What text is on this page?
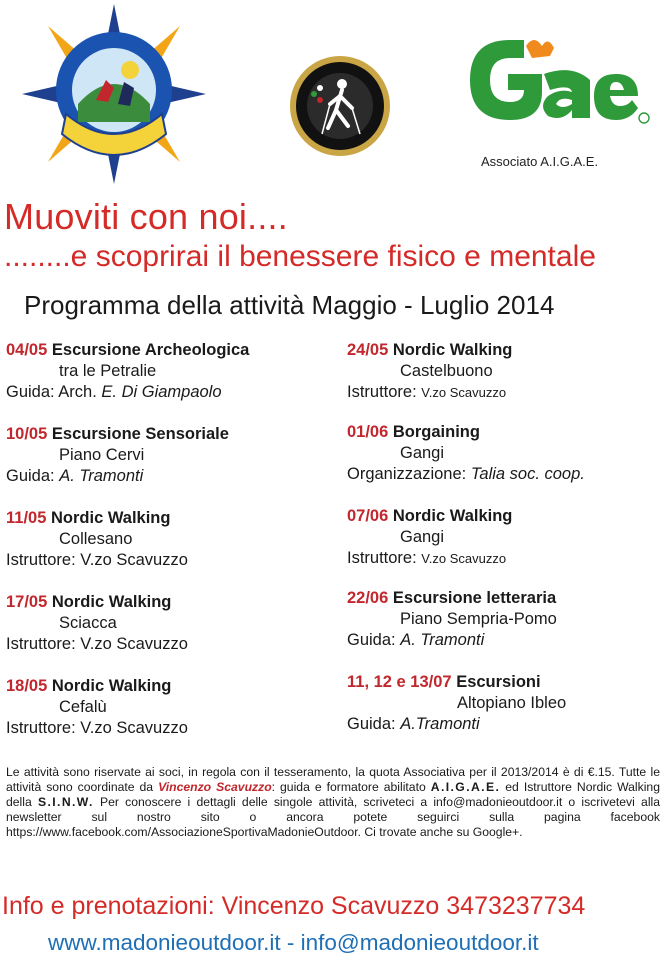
Associato A.I.G.A.E.
Muoviti con noi....
........e scoprirai il benessere fisico e mentale
Programma della attività Maggio - Luglio 2014
04/05 Escursione Archeologica
tra le Petralie
Guida: Arch. E. Di Giampaolo
10/05 Escursione Sensoriale
Piano Cervi
Guida: A. Tramonti
11/05 Nordic Walking
Collesano
Istruttore: V.zo Scavuzzo
17/05 Nordic Walking
Sciacca
Istruttore: V.zo Scavuzzo
18/05 Nordic Walking
Cefalù
Istruttore: V.zo Scavuzzo
24/05 Nordic Walking
Castelbuono
Istruttore: V.zo Scavuzzo
01/06 Borgaining
Gangi
Organizzazione: Talia soc. coop.
07/06 Nordic Walking
Gangi
Istruttore: V.zo Scavuzzo
22/06 Escursione letteraria
Piano Sempria-Pomo
Guida: A. Tramonti
11, 12 e 13/07 Escursioni
Altopiano Ibleo
Guida: A.Tramonti
Le attività sono riservate ai soci, in regola con il tesseramento, la quota Associativa per il 2013/2014 è di €.15. Tutte le attività sono coordinate da Vincenzo Scavuzzo: guida e formatore abilitato A.I.G.A.E. ed Istruttore Nordic Walking della S.I.N.W. Per conoscere i dettagli delle singole attività, scriveteci a info@madonieoutdoor.it o iscrivetevi alla newsletter sul nostro sito o ancora potete seguirci sulla pagina facebook https://www.facebook.com/AssociazioneSportivaMadonieOutdoor. Ci trovate anche su Google+.
Info e prenotazioni: Vincenzo Scavuzzo 3473237734
www.madonieoutdoor.it - info@madonieoutdoor.it
